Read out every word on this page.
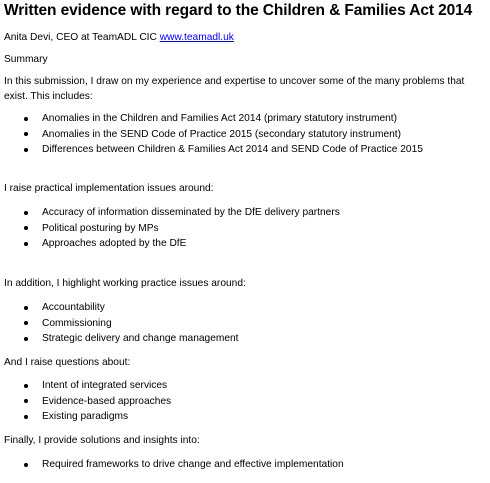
Written evidence with regard to the Children & Families Act 2014

Anita Devi, CEO at TeamADL CIC www.teamadl.uk

Summary

In this submission, I draw on my experience and expertise to uncover some of the many problems that exist. This includes:

Anomalies in the Children and Families Act 2014 (primary statutory instrument)
Anomalies in the SEND Code of Practice 2015 (secondary statutory instrument)
Differences between Children & Families Act 2014 and SEND Code of Practice 2015

I raise practical implementation issues around:

Accuracy of information disseminated by the DfE delivery partners
Political posturing by MPs
Approaches adopted by the DfE

In addition, I highlight working practice issues around:

Accountability
Commissioning
Strategic delivery and change management

And I raise questions about:

Intent of integrated services
Evidence-based approaches
Existing paradigms

Finally, I provide solutions and insights into:

Required frameworks to drive change and effective implementation
